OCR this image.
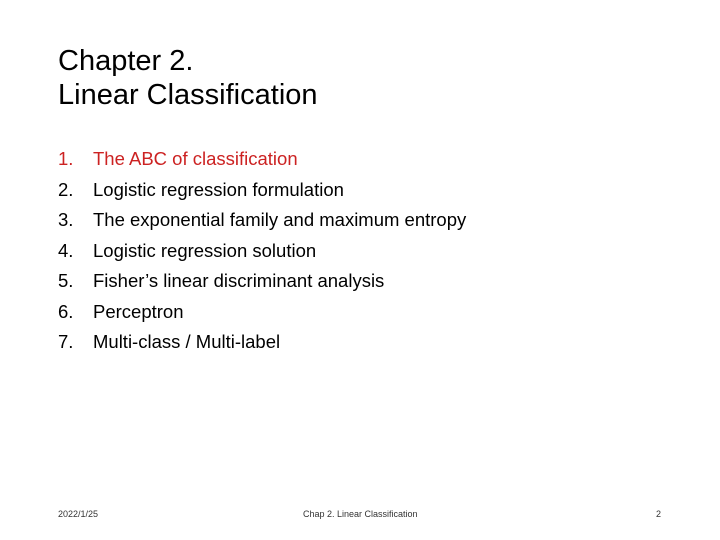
Chapter 2.
Linear Classification
1. The ABC of classification
2. Logistic regression formulation
3. The exponential family and maximum entropy
4. Logistic regression solution
5. Fisher’s linear discriminant analysis
6. Perceptron
7. Multi-class / Multi-label
2022/1/25	Chap 2. Linear Classification	2
